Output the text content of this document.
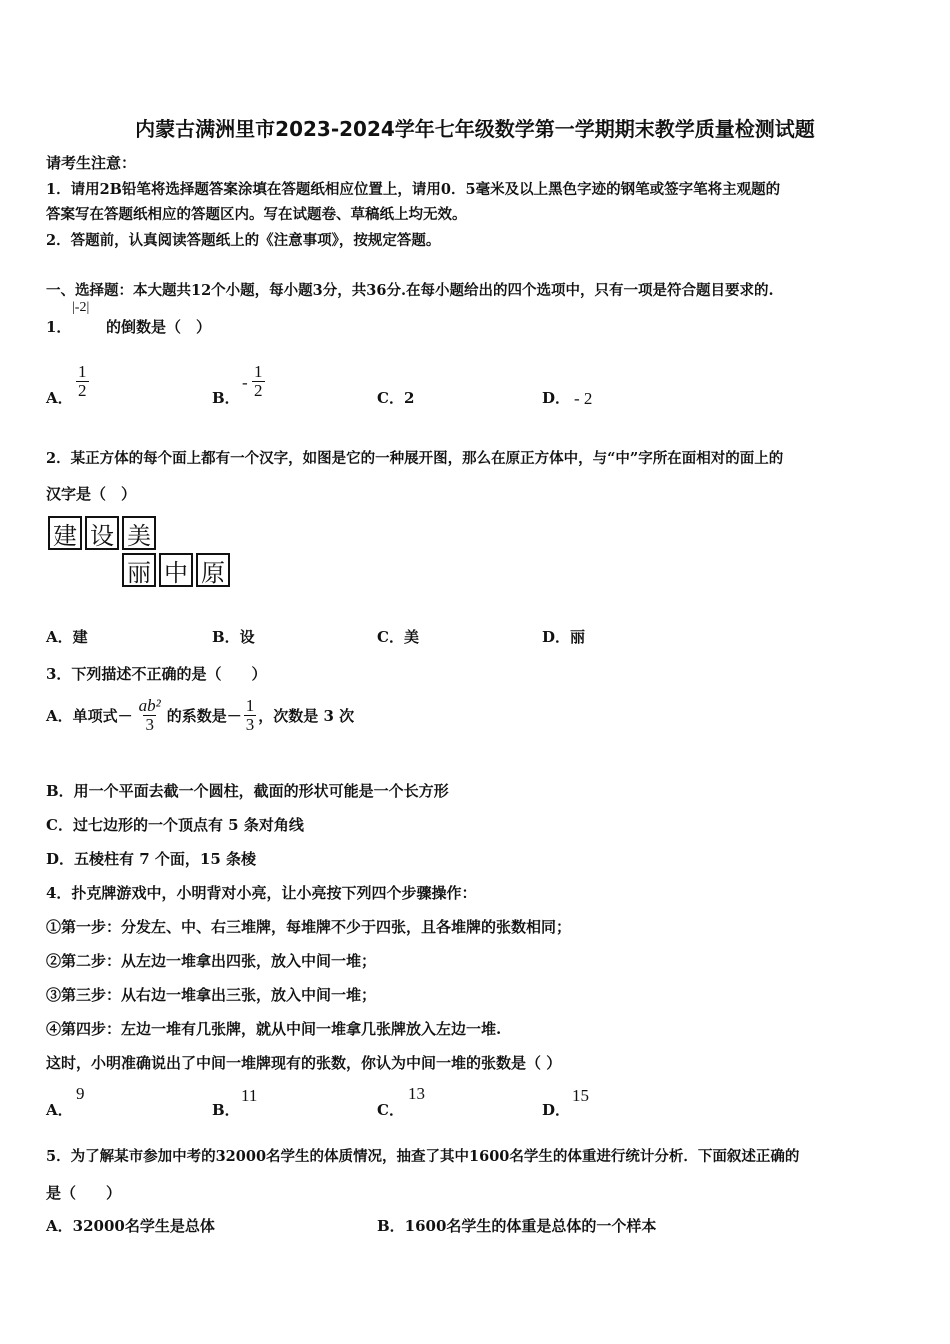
内蒙古满洲里市2023-2024学年七年级数学第一学期期末教学质量检测试题
请考生注意：
1．请用2B铅笔将选择题答案涂填在答题纸相应位置上，请用0．5毫米及以上黑色字迹的钢笔或签字笔将主观题的
答案写在答题纸相应的答题区内。写在试题卷、草稿纸上均无效。
2．答题前，认真阅读答题纸上的《注意事项》，按规定答题。
一、选择题：本大题共12个小题，每小题3分，共36分.在每小题给出的四个选项中，只有一项是符合题目要求的.
1．
|-2|
的倒数是（　）
A． $\frac{1}{2}$	B．
- $\frac{1}{2}$	C．2	D． - 2
2．某正方体的每个面上都有一个汉字，如图是它的一种展开图，那么在原正方体中，与“中”字所在面相对的面上的
汉字是（　）
建 设 美
丽 中 原
A．建	B．设	C．美	D．丽
3．下列描述不正确的是（　　）
A．单项式－ $\frac{\text{ab²}}{3}$ 的系数是－ $\frac{1}{3}$ ，次数是 3 次
B．用一个平面去截一个圆柱，截面的形状可能是一个长方形
C．过七边形的一个顶点有 5 条对角线
D．五棱柱有 7 个面，15 条棱
4．扑克牌游戏中，小明背对小亮，让小亮按下列四个步骤操作：
①第一步：分发左、中、右三堆牌，每堆牌不少于四张，且各堆牌的张数相同；
②第二步：从左边一堆拿出四张，放入中间一堆；
③第三步：从右边一堆拿出三张，放入中间一堆；
④第四步：左边一堆有几张牌，就从中间一堆拿几张牌放入左边一堆.
这时，小明准确说出了中间一堆牌现有的张数，你认为中间一堆的张数是（ ）
A．
9
B．
11
C．
13
D．
15
5．为了解某市参加中考的32000名学生的体质情况，抽查了其中1600名学生的体重进行统计分析．下面叙述正确的
是（　　）
A．32000名学生是总体	B．1600名学生的体重是总体的一个样本
